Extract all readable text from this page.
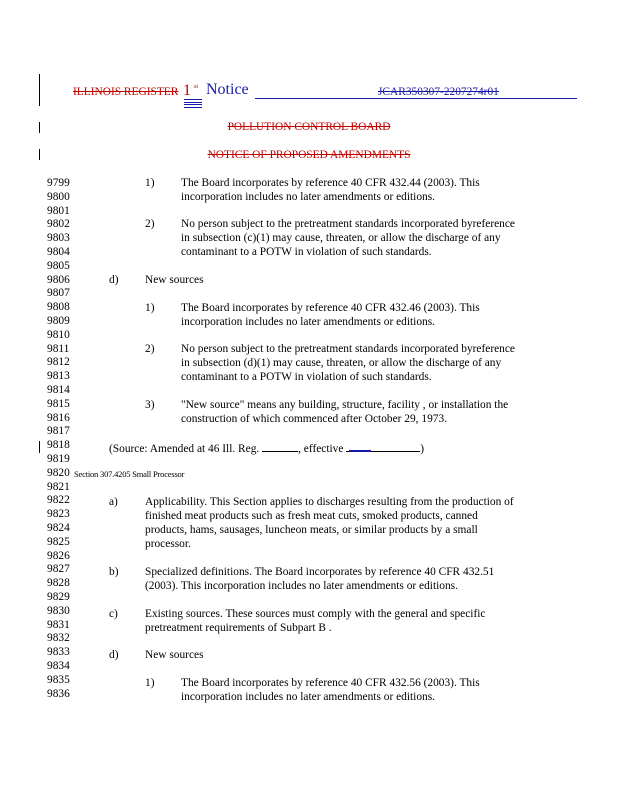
ILLINOIS REGISTER 1 st Notice	JCAR350307-2207274r01
POLLUTION CONTROL BOARD
NOTICE OF PROPOSED AMENDMENTS
9799
9800
9801
9802
9803
9804
9805
9806
9807
9808
9809
9810
9811
9812
9813
9814
9815
9816
9817
9818
9819
9820
9821
9822
9823
9824
9825
9826
9827
9828
9829
9830
9831
9832
9833
9834
9835
9836
1) The Board incorporates by reference 40 CFR 432.44 (2003). This
incorporation includes no later amendments or editions.
2) No person subject to the pretreatment standards incorporated byreference
in subsection (c)(1) may cause, threaten, or allow the discharge of any
contaminant to a POTW in violation of such standards.
d) New sources
1) The Board incorporates by reference 40 CFR 432.46 (2003). This
incorporation includes no later amendments or editions.
2) No person subject to the pretreatment standards incorporated byreference
in subsection (d)(1) may cause, threaten, or allow the discharge of any
contaminant to a POTW in violation of such standards.
3) "New source" means any building, structure, facility , or installation the
construction of which commenced after October 29, 1973.
(Source: Amended at 46 Ill. Reg.	, effective	)
Section 307.4205 Small Processor
a) Applicability. This Section applies to discharges resulting from the production of
finished meat products such as fresh meat cuts, smoked products, canned
products, hams, sausages, luncheon meats, or similar products by a small
processor.
b) Specialized definitions. The Board incorporates by reference 40 CFR 432.51
(2003). This incorporation includes no later amendments or editions.
c) Existing sources. These sources must comply with the general and specific
pretreatment requirements of Subpart B .
d) New sources
1) The Board incorporates by reference 40 CFR 432.56 (2003). This
incorporation includes no later amendments or editions.
